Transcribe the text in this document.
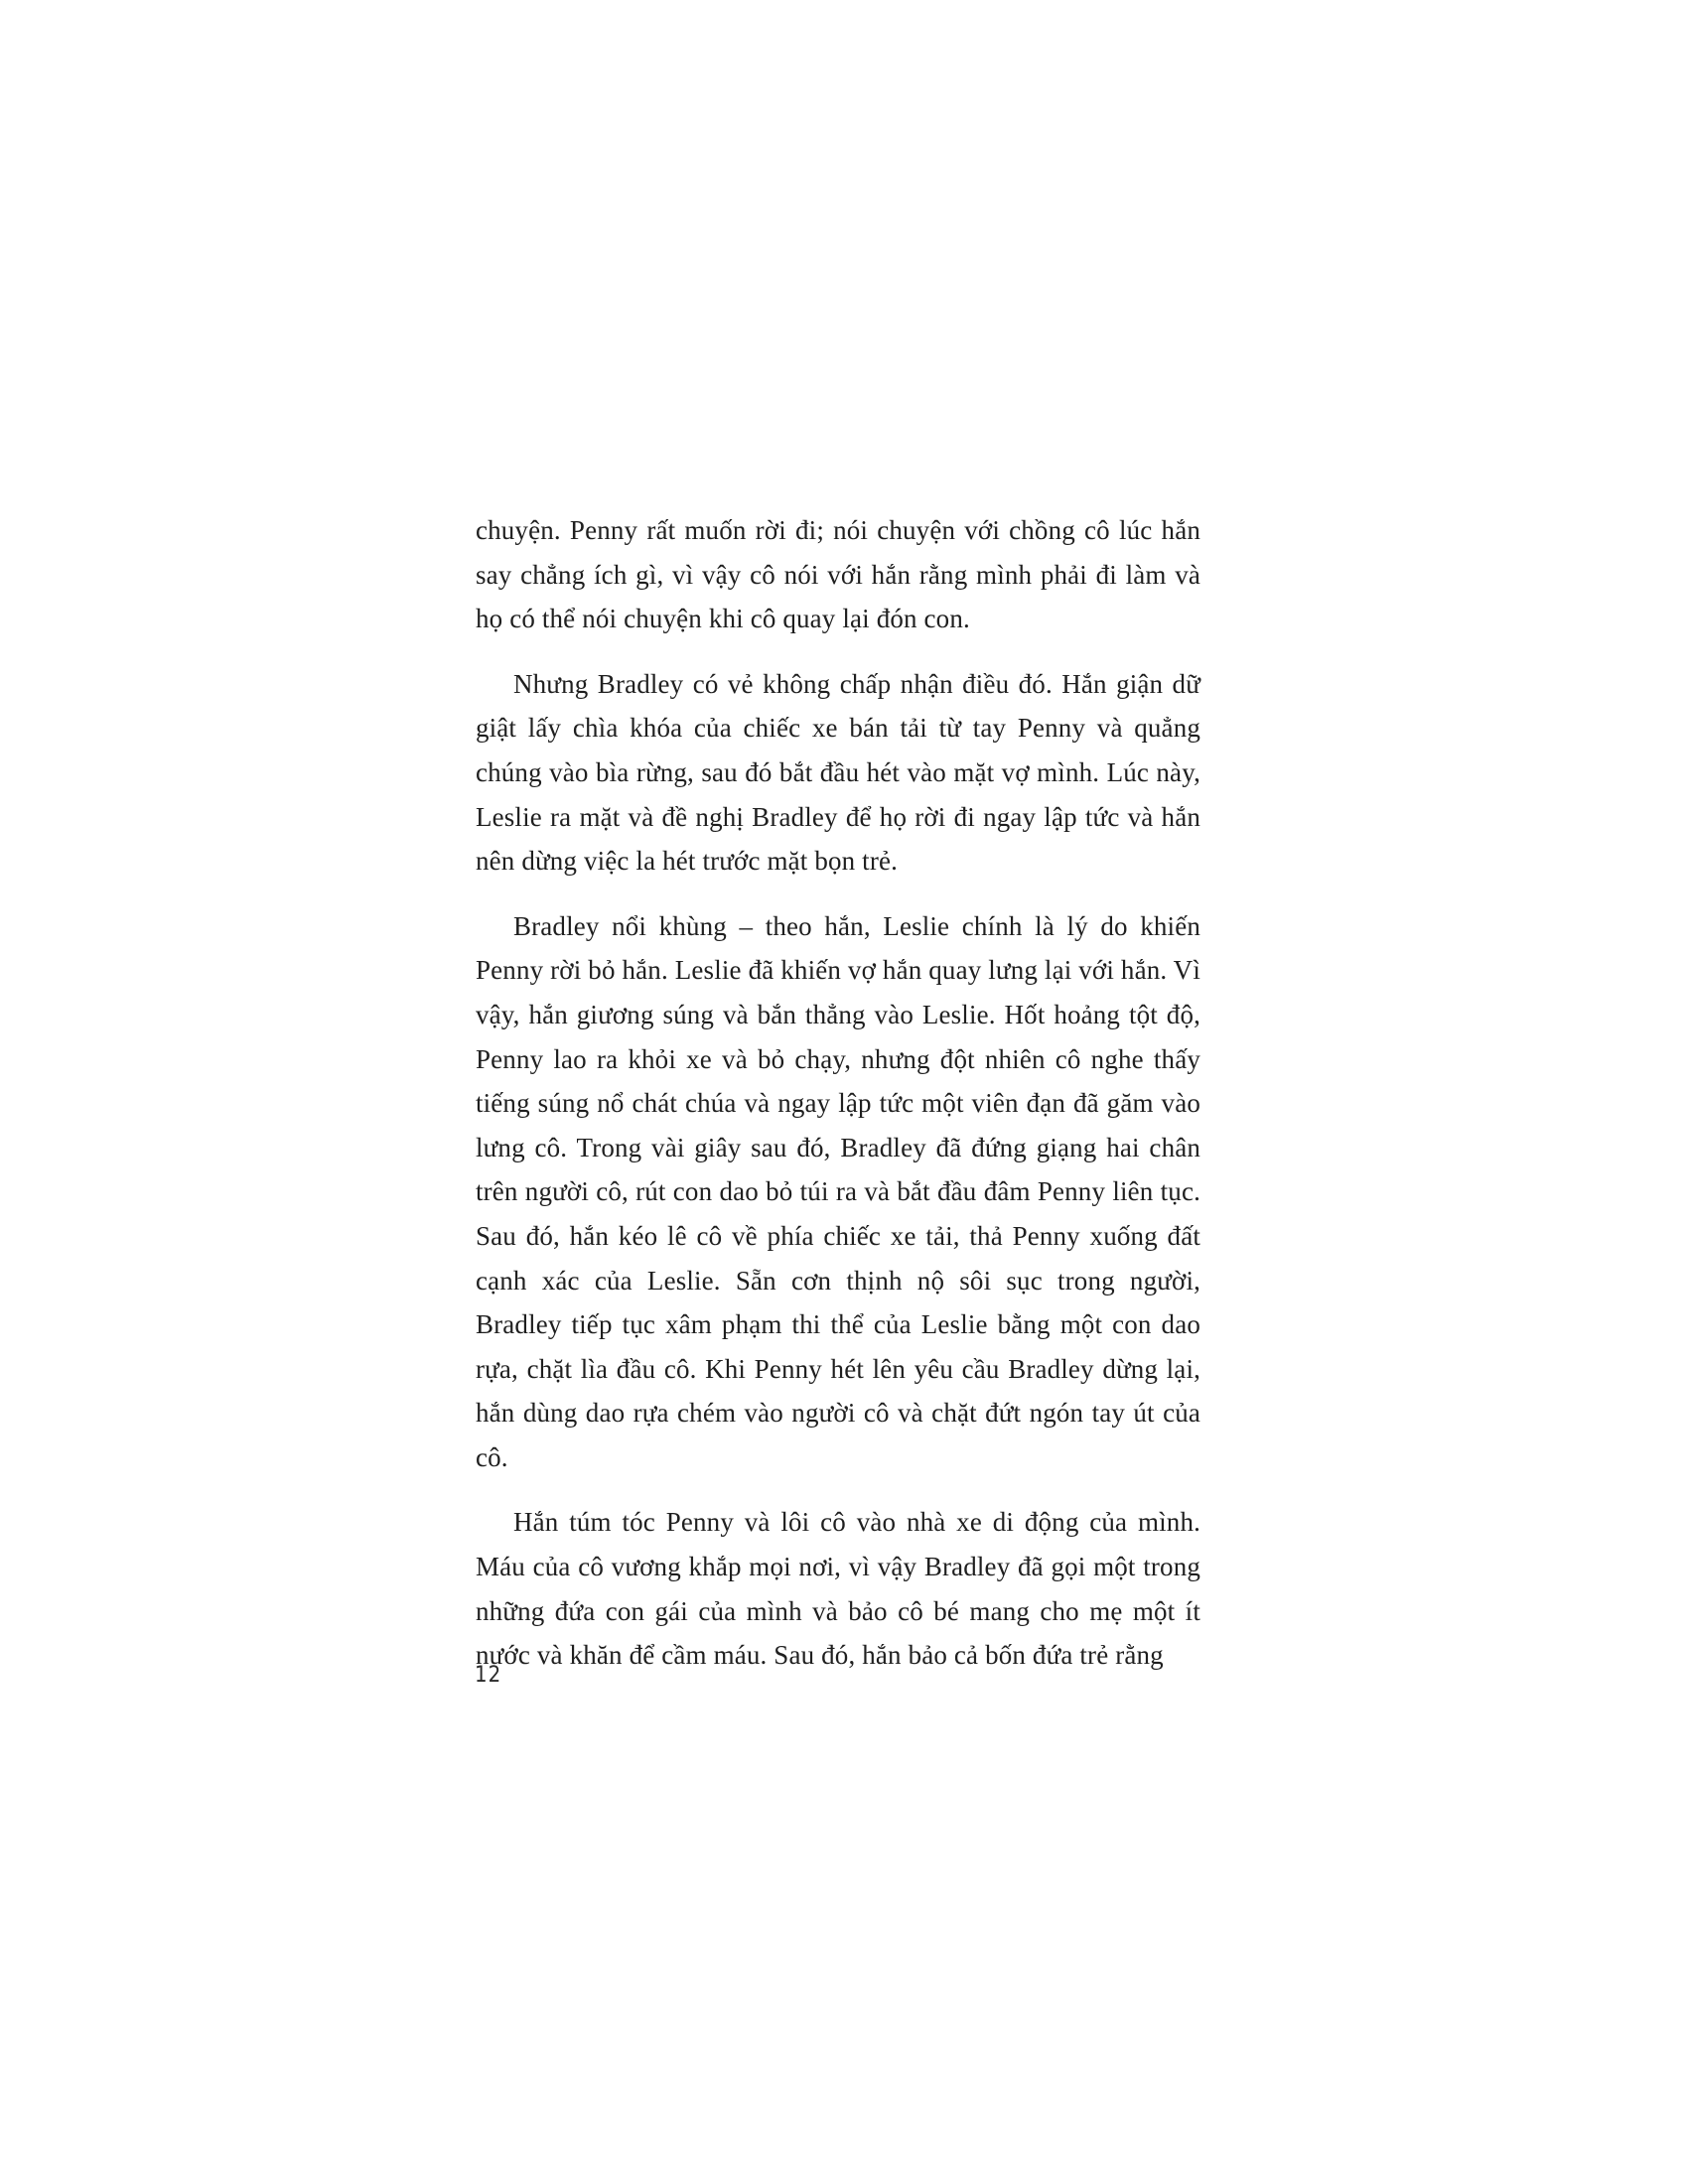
chuyện. Penny rất muốn rời đi; nói chuyện với chồng cô lúc hắn say chẳng ích gì, vì vậy cô nói với hắn rằng mình phải đi làm và họ có thể nói chuyện khi cô quay lại đón con.

Nhưng Bradley có vẻ không chấp nhận điều đó. Hắn giận dữ giật lấy chìa khóa của chiếc xe bán tải từ tay Penny và quẳng chúng vào bìa rừng, sau đó bắt đầu hét vào mặt vợ mình. Lúc này, Leslie ra mặt và đề nghị Bradley để họ rời đi ngay lập tức và hắn nên dừng việc la hét trước mặt bọn trẻ.

Bradley nổi khùng – theo hắn, Leslie chính là lý do khiến Penny rời bỏ hắn. Leslie đã khiến vợ hắn quay lưng lại với hắn. Vì vậy, hắn giương súng và bắn thẳng vào Leslie. Hốt hoảng tột độ, Penny lao ra khỏi xe và bỏ chạy, nhưng đột nhiên cô nghe thấy tiếng súng nổ chát chúa và ngay lập tức một viên đạn đã găm vào lưng cô. Trong vài giây sau đó, Bradley đã đứng giạng hai chân trên người cô, rút con dao bỏ túi ra và bắt đầu đâm Penny liên tục. Sau đó, hắn kéo lê cô về phía chiếc xe tải, thả Penny xuống đất cạnh xác của Leslie. Sẵn cơn thịnh nộ sôi sục trong người, Bradley tiếp tục xâm phạm thi thể của Leslie bằng một con dao rựa, chặt lìa đầu cô. Khi Penny hét lên yêu cầu Bradley dừng lại, hắn dùng dao rựa chém vào người cô và chặt đứt ngón tay út của cô.

Hắn túm tóc Penny và lôi cô vào nhà xe di động của mình. Máu của cô vương khắp mọi nơi, vì vậy Bradley đã gọi một trong những đứa con gái của mình và bảo cô bé mang cho mẹ một ít nước và khăn để cầm máu. Sau đó, hắn bảo cả bốn đứa trẻ rằng

12
